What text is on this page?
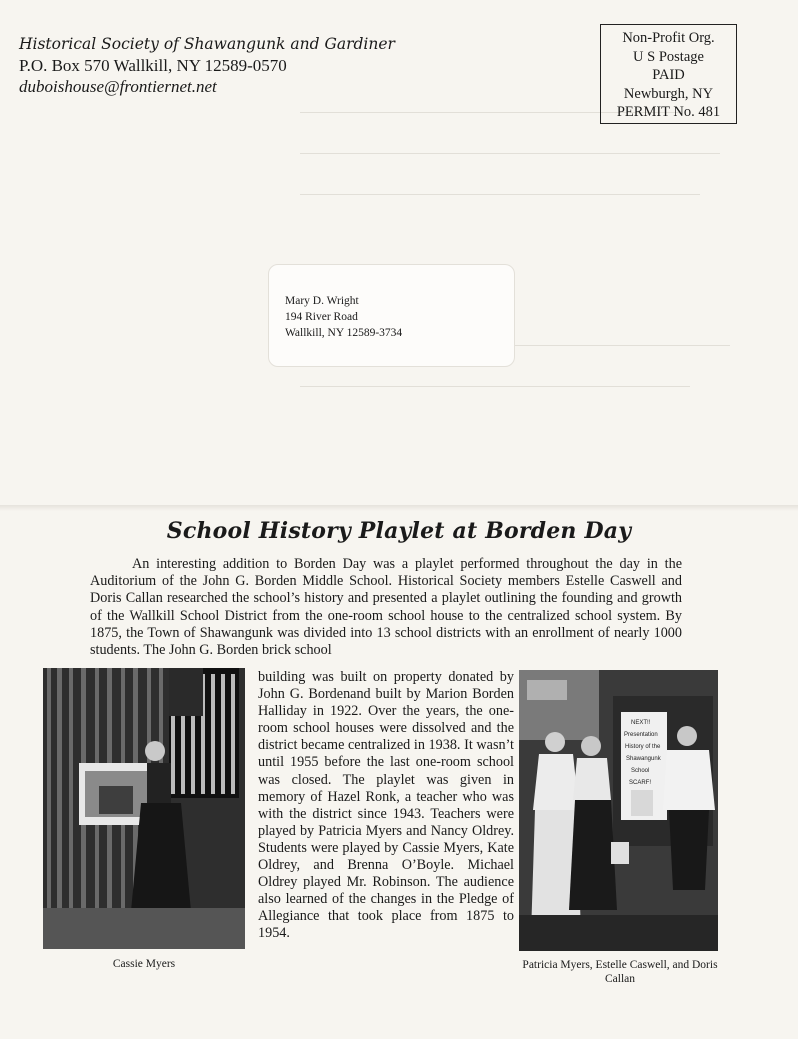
Historical Society of Shawangunk and Gardiner
P.O. Box 570 Wallkill, NY 12589-0570
duboishouse@frontiernet.net
Non-Profit Org.
U S Postage
PAID
Newburgh, NY
PERMIT No. 481
Mary D. Wright
194 River Road
Wallkill, NY 12589-3734
School History Playlet at Borden Day
An interesting addition to Borden Day was a playlet performed throughout the day in the Auditorium of the John G. Borden Middle School. Historical Society members Estelle Caswell and Doris Callan researched the school’s history and presented a playlet outlining the founding and growth of the Wallkill School District from the one-room school house to the centralized school system. By 1875, the Town of Shawangunk was divided into 13 school districts with an enrollment of nearly 1000 students. The John G. Borden brick school
Cassie Myers
building was built on property donated by John G. Bordenand built by Marion Borden Halliday in 1922. Over the years, the one-room school houses were dissolved and the district became centralized in 1938. It wasn’t until 1955 before the last one-room school was closed. The playlet was given in memory of Hazel Ronk, a teacher who was with the district since 1943. Teachers were played by Patricia Myers and Nancy Oldrey. Students were played by Cassie Myers, Kate Oldrey, and Brenna O’Boyle. Michael Oldrey played Mr. Robinson. The audience also learned of the changes in the Pledge of Allegiance that took place from 1875 to 1954.
NEXT!!
Presentation
History of the
Shawangunk
School
SCARF!
Patricia Myers, Estelle Caswell, and Doris Callan
